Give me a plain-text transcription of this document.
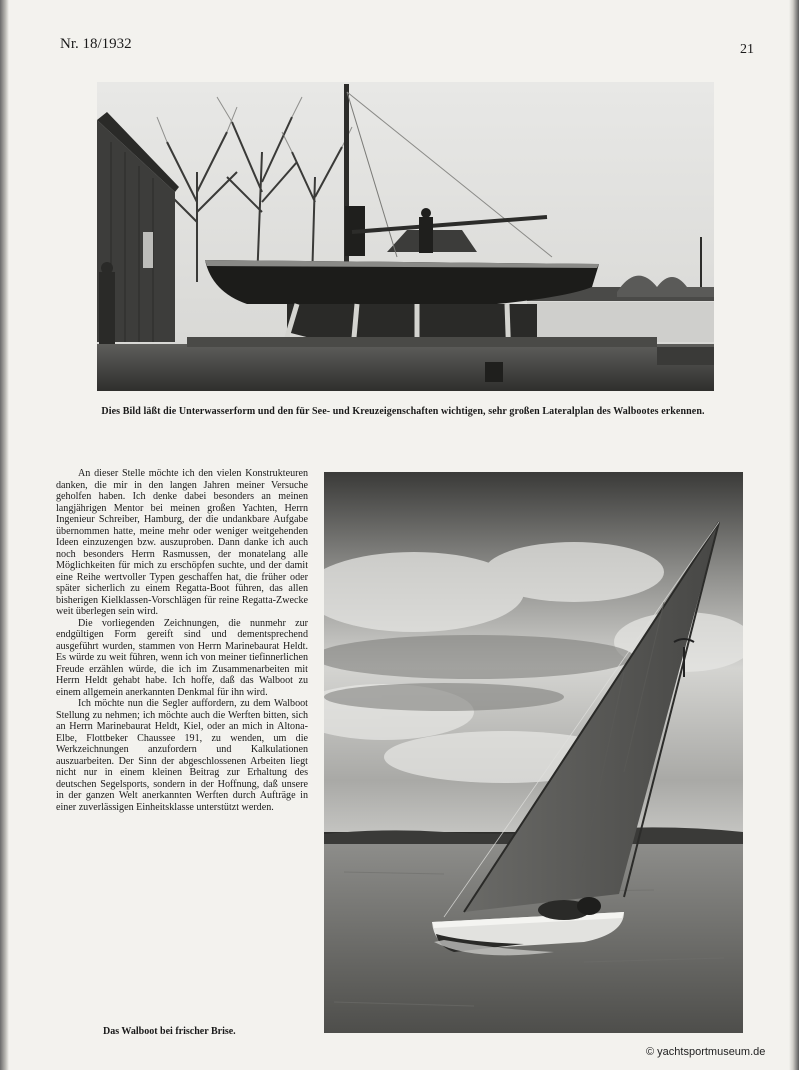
Nr. 18/1932	21
Dies Bild läßt die Unterwasserform und den für See- und Kreuzeigenschaften wichtigen, sehr großen Lateralplan des Walbootes erkennen.

An dieser Stelle möchte ich den vielen Konstrukteuren danken, die mir in den langen Jahren meiner Versuche geholfen haben. Ich denke dabei besonders an meinen langjährigen Mentor bei meinen großen Yachten, Herrn Ingenieur Schreiber, Hamburg, der die undankbare Aufgabe übernommen hatte, meine mehr oder weniger weitgehenden Ideen einzuzengen bzw. auszuproben. Dann danke ich auch noch besonders Herrn Rasmussen, der monatelang alle Möglichkeiten für mich zu erschöpfen suchte, und der damit eine Reihe wertvoller Typen geschaffen hat, die früher oder später sicherlich zu einem Regatta-Boot führen, das allen bisherigen Kielklassen-Vorschlägen für reine Regatta-Zwecke weit überlegen sein wird.

Die vorliegenden Zeichnungen, die nunmehr zur endgültigen Form gereift sind und dementsprechend ausgeführt wurden, stammen von Herrn Marinebaurat Heldt. Es würde zu weit führen, wenn ich von meiner tiefinnerlichen Freude erzählen würde, die ich im Zusammenarbeiten mit Herrn Heldt gehabt habe. Ich hoffe, daß das Walboot zu einem allgemein anerkannten Denkmal für ihn wird.

Ich möchte nun die Segler auffordern, zu dem Walboot Stellung zu nehmen; ich möchte auch die Werften bitten, sich an Herrn Marinebaurat Heldt, Kiel, oder an mich in Altona-Elbe, Flottbeker Chaussee 191, zu wenden, um die Werkzeichnungen anzufordern und Kalkulationen auszuarbeiten. Der Sinn der abgeschlossenen Arbeiten liegt nicht nur in einem kleinen Beitrag zur Erhaltung des deutschen Segelsports, sondern in der Hoffnung, daß unsere in der ganzen Welt anerkannten Werften durch Aufträge in einer zuverlässigen Einheitsklasse unterstützt werden.

Das Walboot bei frischer Brise.
© yachtsportmuseum.de
